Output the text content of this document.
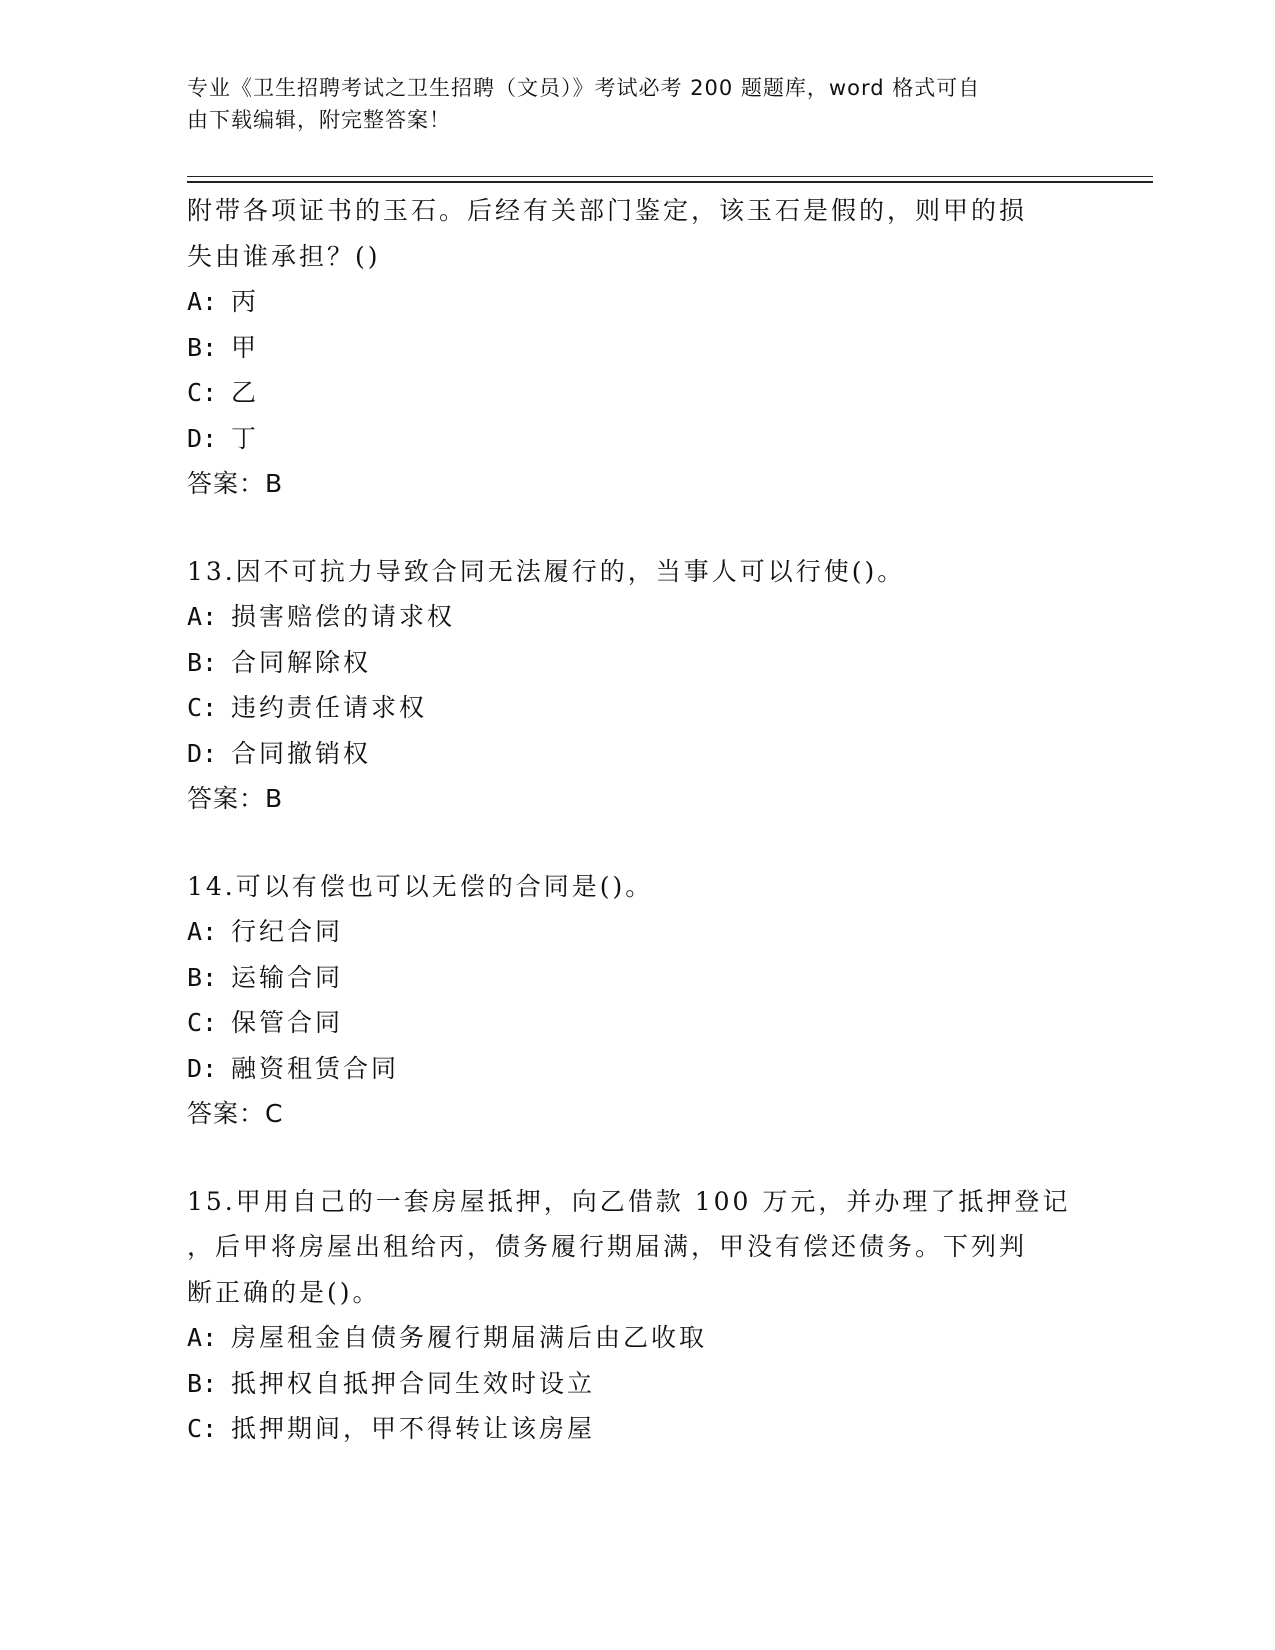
专业《卫生招聘考试之卫生招聘（文员）》考试必考 200 题题库，word 格式可自
由下载编辑，附完整答案！
附带各项证书的玉石。后经有关部门鉴定，该玉石是假的，则甲的损
失由谁承担？()
A: 丙
B: 甲
C: 乙
D: 丁
答案：B
13.因不可抗力导致合同无法履行的，当事人可以行使()。
A: 损害赔偿的请求权
B: 合同解除权
C: 违约责任请求权
D: 合同撤销权
答案：B
14.可以有偿也可以无偿的合同是()。
A: 行纪合同
B: 运输合同
C: 保管合同
D: 融资租赁合同
答案：C
15.甲用自己的一套房屋抵押，向乙借款 100 万元，并办理了抵押登记
，后甲将房屋出租给丙，债务履行期届满，甲没有偿还债务。下列判
断正确的是()。
A: 房屋租金自债务履行期届满后由乙收取
B: 抵押权自抵押合同生效时设立
C: 抵押期间，甲不得转让该房屋
